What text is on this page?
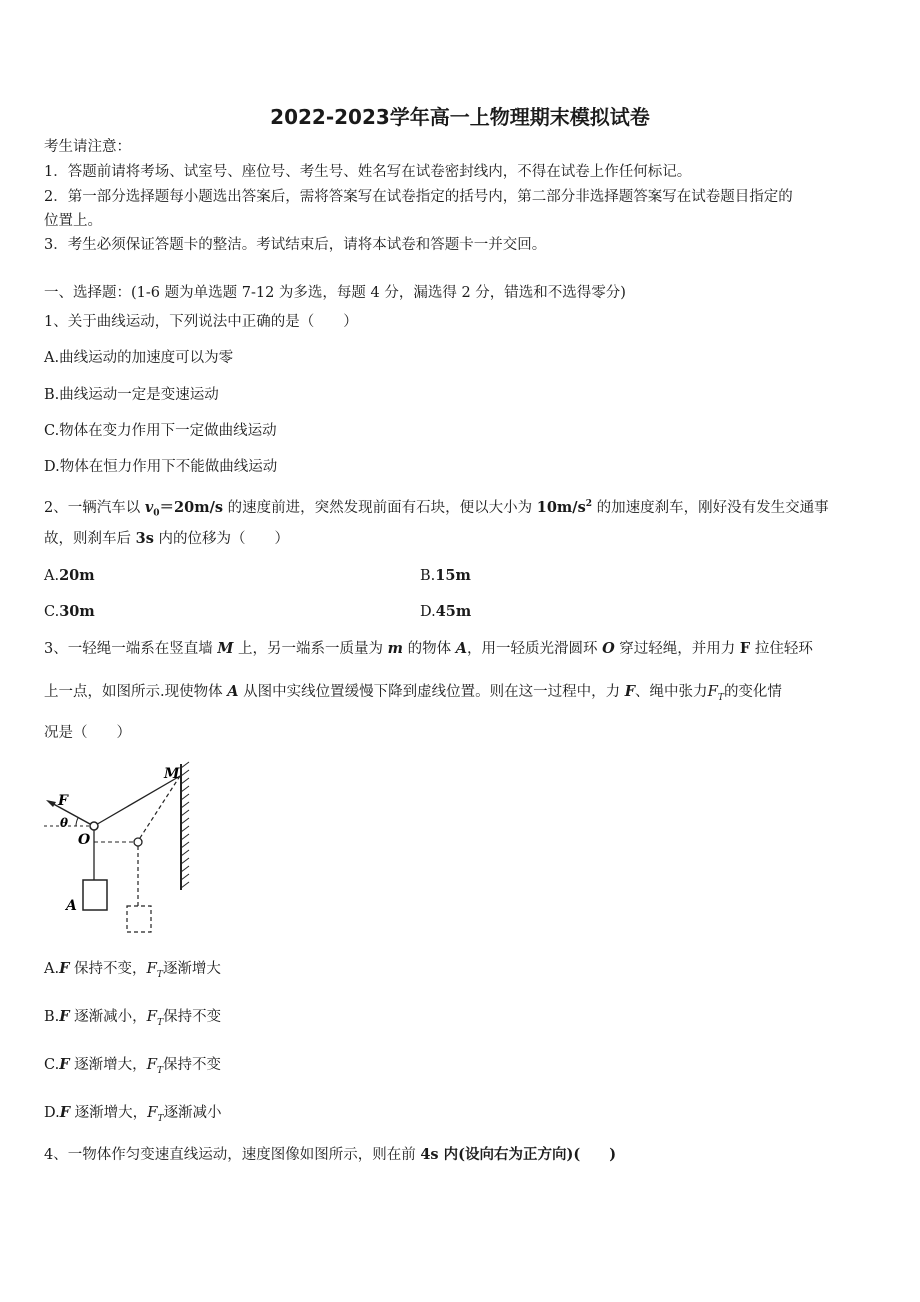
2022-2023学年高一上物理期末模拟试卷
考生请注意：
1．答题前请将考场、试室号、座位号、考生号、姓名写在试卷密封线内，不得在试卷上作任何标记。
2．第一部分选择题每小题选出答案后，需将答案写在试卷指定的括号内，第二部分非选择题答案写在试卷题目指定的
位置上。
3．考生必须保证答题卡的整洁。考试结束后，请将本试卷和答题卡一并交回。
一、选择题：(1-6 题为单选题 7-12 为多选，每题 4 分，漏选得 2 分，错选和不选得零分)
1、关于曲线运动，下列说法中正确的是（　　）
A.曲线运动的加速度可以为零
B.曲线运动一定是变速运动
C.物体在变力作用下一定做曲线运动
D.物体在恒力作用下不能做曲线运动
2、一辆汽车以 $v_0=20m/s$ 的速度前进，突然发现前面有石块，便以大小为 $10m/s^2$ 的加速度刹车，刚好没有发生交通事
故，则刹车后 3s 内的位移为（　　）
A.20m	B.15m
C.30m	D.45m
3、一轻绳一端系在竖直墙 M 上，另一端系一质量为 m 的物体 A，用一轻质光滑圆环 O 穿过轻绳，并用力 F 拉住轻环
上一点，如图所示.现使物体 A 从图中实线位置缓慢下降到虚线位置。则在这一过程中，力 F、绳中张力$F_T$的变化情
况是（　　）
M
F
θ
O
A
A.F 保持不变，$F_T$逐渐增大
B.F 逐渐减小，$F_T$保持不变
C.F 逐渐增大，$F_T$保持不变
D.F 逐渐增大，$F_T$逐渐减小
4、一物体作匀变速直线运动，速度图像如图所示，则在前 4s 内(设向右为正方向)(　　)
